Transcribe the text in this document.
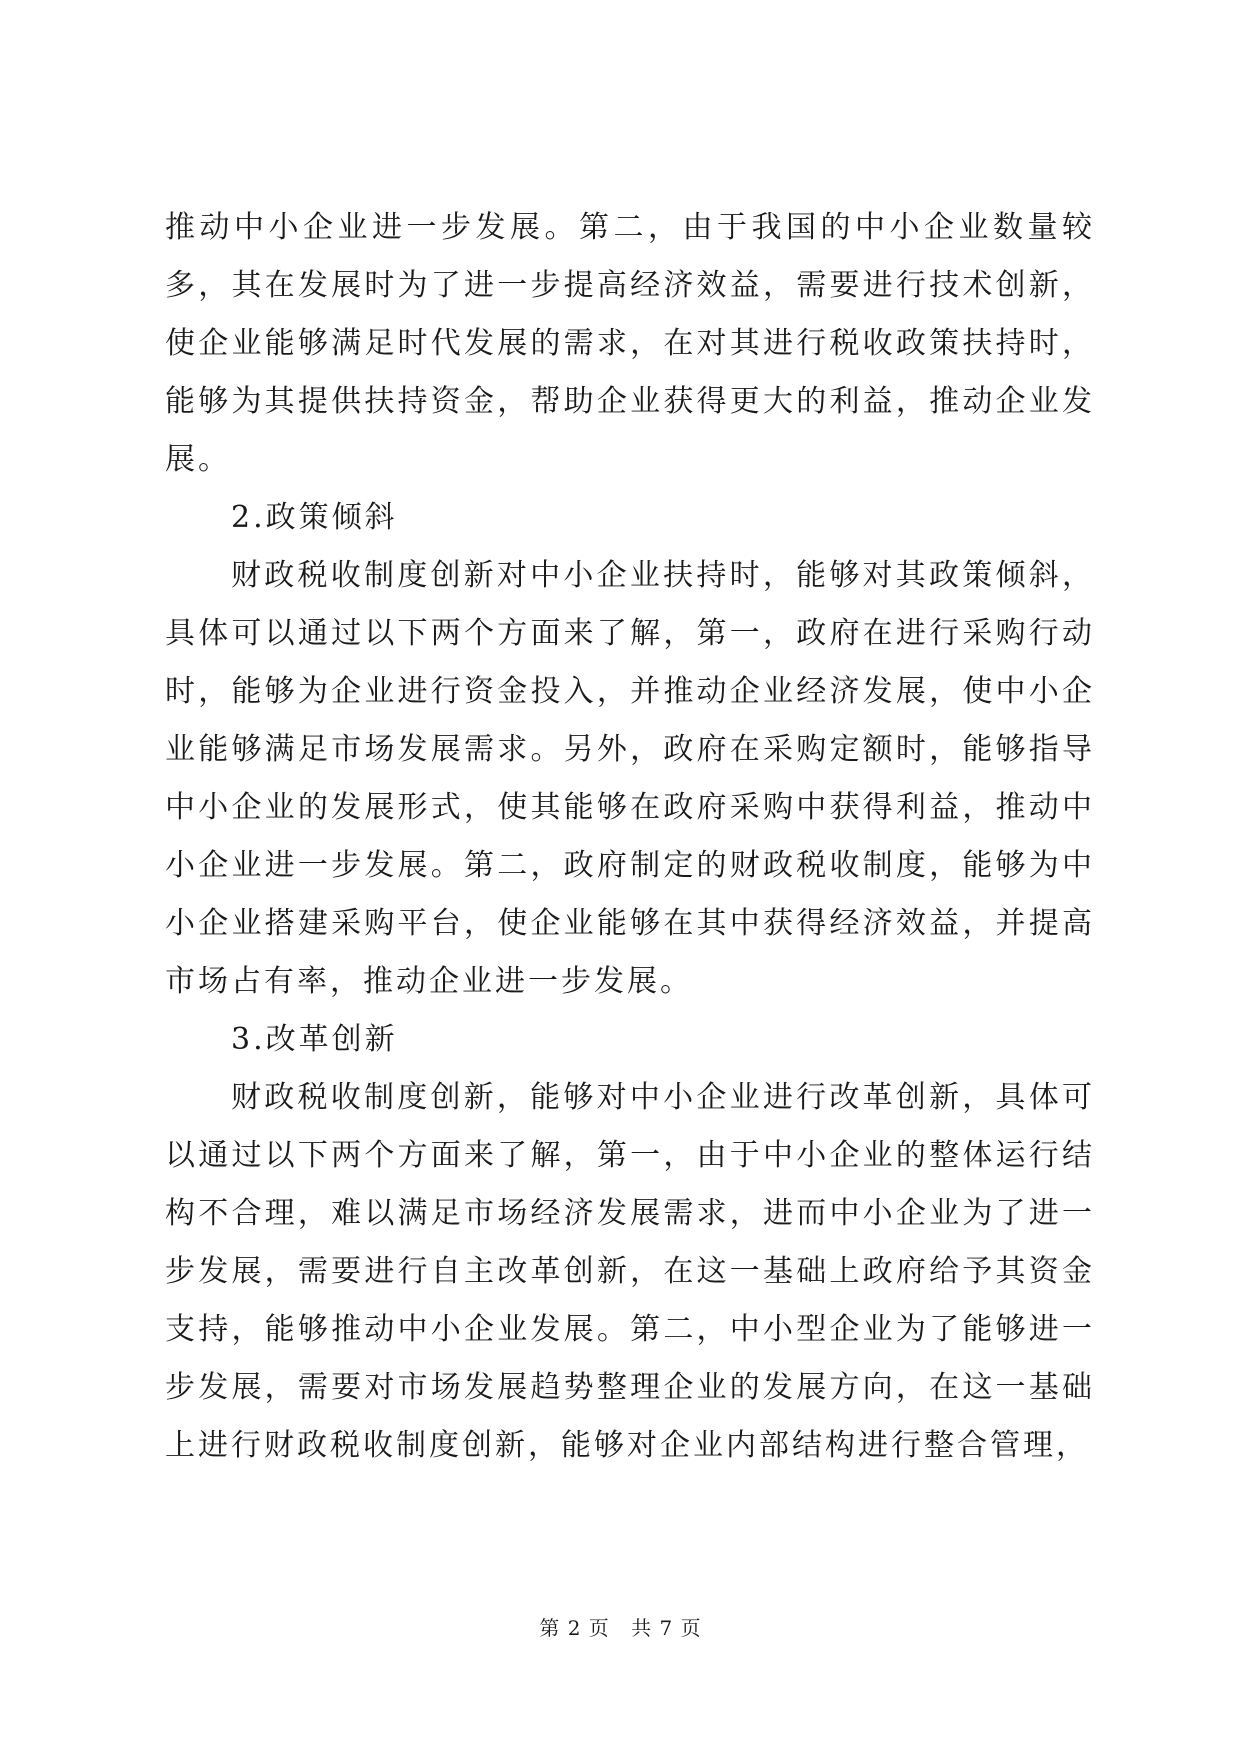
推动中小企业进一步发展。第二，由于我国的中小企业数量较多，其在发展时为了进一步提高经济效益，需要进行技术创新，使企业能够满足时代发展的需求，在对其进行税收政策扶持时，能够为其提供扶持资金，帮助企业获得更大的利益，推动企业发展。

2.政策倾斜

财政税收制度创新对中小企业扶持时，能够对其政策倾斜，具体可以通过以下两个方面来了解，第一，政府在进行采购行动时，能够为企业进行资金投入，并推动企业经济发展，使中小企业能够满足市场发展需求。另外，政府在采购定额时，能够指导中小企业的发展形式，使其能够在政府采购中获得利益，推动中小企业进一步发展。第二，政府制定的财政税收制度，能够为中小企业搭建采购平台，使企业能够在其中获得经济效益，并提高市场占有率，推动企业进一步发展。

3.改革创新

财政税收制度创新，能够对中小企业进行改革创新，具体可以通过以下两个方面来了解，第一，由于中小企业的整体运行结构不合理，难以满足市场经济发展需求，进而中小企业为了进一步发展，需要进行自主改革创新，在这一基础上政府给予其资金支持，能够推动中小企业发展。第二，中小型企业为了能够进一步发展，需要对市场发展趋势整理企业的发展方向，在这一基础上进行财政税收制度创新，能够对企业内部结构进行整合管理，

第 2 页 共 7 页
